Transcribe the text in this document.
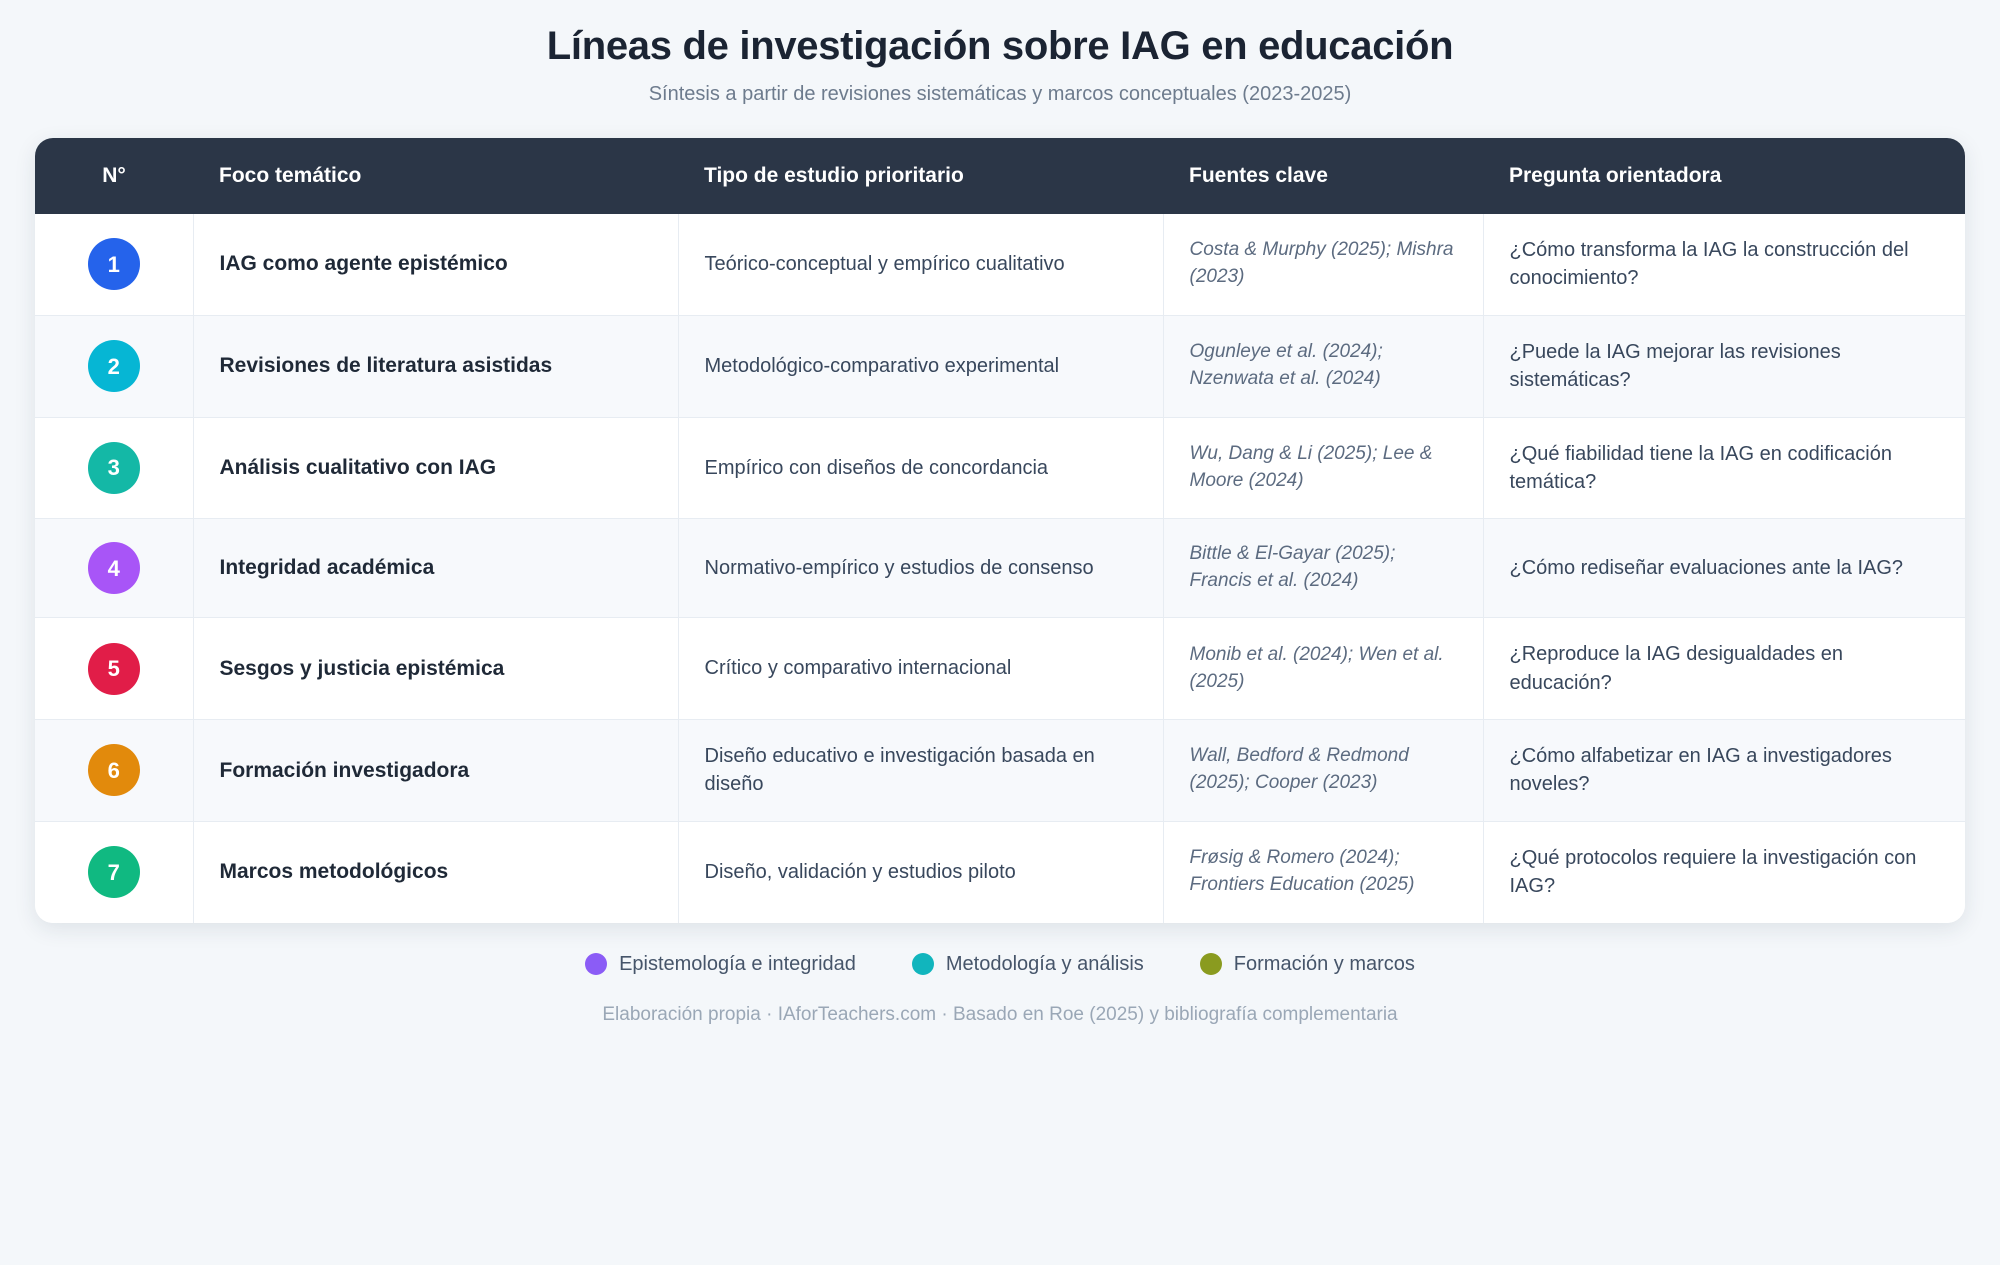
Líneas de investigación sobre IAG en educación
Síntesis a partir de revisiones sistemáticas y marcos conceptuales (2023-2025)
N°	Foco temático	Tipo de estudio prioritario	Fuentes clave	Pregunta orientadora
1	IAG como agente epistémico	Teórico-conceptual y empírico cualitativo	Costa & Murphy (2025); Mishra (2023)	¿Cómo transforma la IAG la construcción del conocimiento?
2	Revisiones de literatura asistidas	Metodológico-comparativo experimental	Ogunleye et al. (2024); Nzenwata et al. (2024)	¿Puede la IAG mejorar las revisiones sistemáticas?
3	Análisis cualitativo con IAG	Empírico con diseños de concordancia	Wu, Dang & Li (2025); Lee & Moore (2024)	¿Qué fiabilidad tiene la IAG en codificación temática?
4	Integridad académica	Normativo-empírico y estudios de consenso	Bittle & El-Gayar (2025); Francis et al. (2024)	¿Cómo rediseñar evaluaciones ante la IAG?
5	Sesgos y justicia epistémica	Crítico y comparativo internacional	Monib et al. (2024); Wen et al. (2025)	¿Reproduce la IAG desigualdades en educación?
6	Formación investigadora	Diseño educativo e investigación basada en diseño	Wall, Bedford & Redmond (2025); Cooper (2023)	¿Cómo alfabetizar en IAG a investigadores noveles?
7	Marcos metodológicos	Diseño, validación y estudios piloto	Frøsig & Romero (2024); Frontiers Education (2025)	¿Qué protocolos requiere la investigación con IAG?
Epistemología e integridad	Metodología y análisis	Formación y marcos
Elaboración propia · IAforTeachers.com · Basado en Roe (2025) y bibliografía complementaria
